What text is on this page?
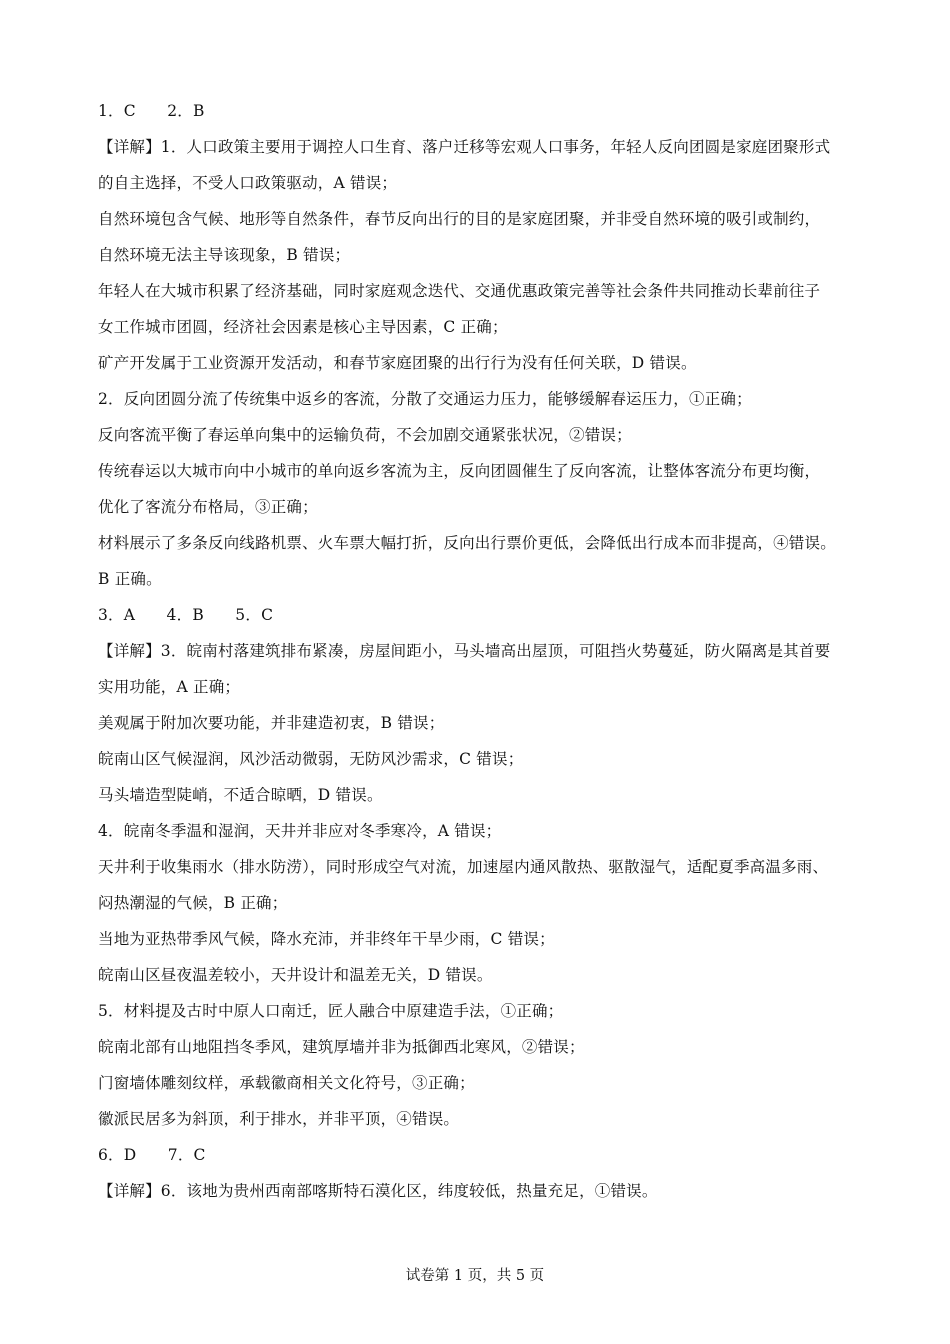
1．C　　2．B
【详解】1．人口政策主要用于调控人口生育、落户迁移等宏观人口事务，年轻人反向团圆是家庭团聚形式
的自主选择，不受人口政策驱动，A 错误；
自然环境包含气候、地形等自然条件，春节反向出行的目的是家庭团聚，并非受自然环境的吸引或制约，
自然环境无法主导该现象，B 错误；
年轻人在大城市积累了经济基础，同时家庭观念迭代、交通优惠政策完善等社会条件共同推动长辈前往子
女工作城市团圆，经济社会因素是核心主导因素，C 正确；
矿产开发属于工业资源开发活动，和春节家庭团聚的出行行为没有任何关联，D 错误。
2．反向团圆分流了传统集中返乡的客流，分散了交通运力压力，能够缓解春运压力，①正确；
反向客流平衡了春运单向集中的运输负荷，不会加剧交通紧张状况，②错误；
传统春运以大城市向中小城市的单向返乡客流为主，反向团圆催生了反向客流，让整体客流分布更均衡，
优化了客流分布格局，③正确；
材料展示了多条反向线路机票、火车票大幅打折，反向出行票价更低，会降低出行成本而非提高，④错误。
B 正确。
3．A　　4．B　　5．C
【详解】3．皖南村落建筑排布紧凑，房屋间距小，马头墙高出屋顶，可阻挡火势蔓延，防火隔离是其首要
实用功能，A 正确；
美观属于附加次要功能，并非建造初衷，B 错误；
皖南山区气候湿润，风沙活动微弱，无防风沙需求，C 错误；
马头墙造型陡峭，不适合晾晒，D 错误。
4．皖南冬季温和湿润，天井并非应对冬季寒冷，A 错误；
天井利于收集雨水（排水防涝），同时形成空气对流，加速屋内通风散热、驱散湿气，适配夏季高温多雨、
闷热潮湿的气候，B 正确；
当地为亚热带季风气候，降水充沛，并非终年干旱少雨，C 错误；
皖南山区昼夜温差较小，天井设计和温差无关，D 错误。
5．材料提及古时中原人口南迁，匠人融合中原建造手法，①正确；
皖南北部有山地阻挡冬季风，建筑厚墙并非为抵御西北寒风，②错误；
门窗墙体雕刻纹样，承载徽商相关文化符号，③正确；
徽派民居多为斜顶，利于排水，并非平顶，④错误。
6．D　　7．C
【详解】6．该地为贵州西南部喀斯特石漠化区，纬度较低，热量充足，①错误。
试卷第 1 页，共 5 页
